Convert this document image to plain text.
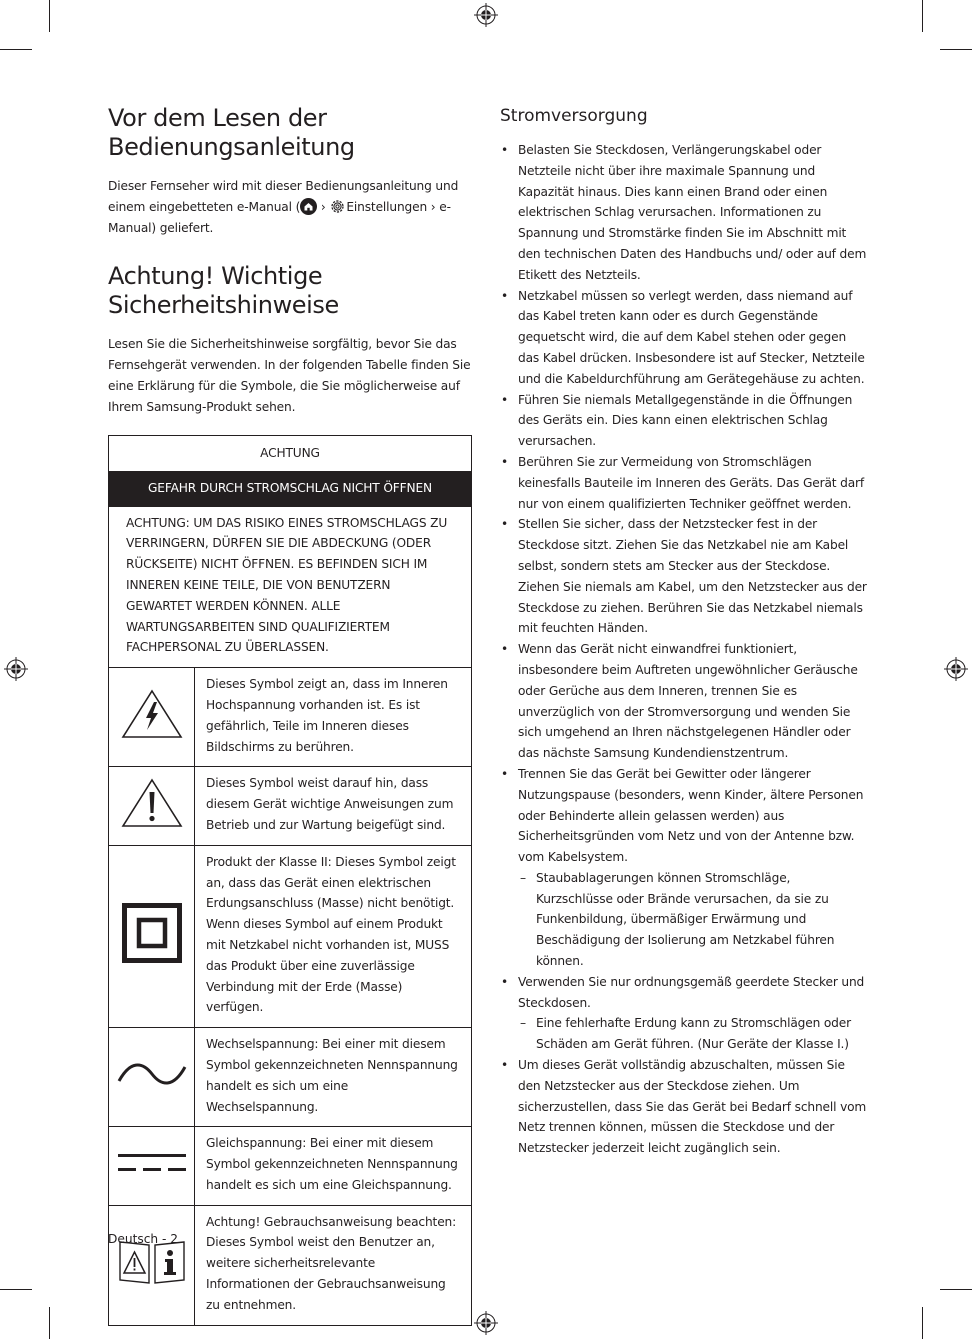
Vor dem Lesen der
Bedienungsanleitung

Dieser Fernseher wird mit dieser Bedienungsanleitung und einem eingebetteten e-Manual ( › Einstellungen › e-Manual) geliefert.

Achtung! Wichtige
Sicherheitshinweise

Lesen Sie die Sicherheitshinweise sorgfältig, bevor Sie das Fernsehgerät verwenden. In der folgenden Tabelle finden Sie eine Erklärung für die Symbole, die Sie möglicherweise auf Ihrem Samsung-Produkt sehen.

ACHTUNG	
GEFAHR DURCH STROMSCHLAG NICHT ÖFFNEN	
ACHTUNG: UM DAS RISIKO EINES STROMSCHLAGS ZU VERRINGERN, DÜRFEN SIE DIE ABDECKUNG (ODER RÜCKSEITE) NICHT ÖFFNEN. ES BEFINDEN SICH IM INNEREN KEINE TEILE, DIE VON BENUTZERN GEWARTET WERDEN KÖNNEN. ALLE WARTUNGSARBEITEN SIND QUALIFIZIERTEM FACHPERSONAL ZU ÜBERLASSEN.	
	Dieses Symbol zeigt an, dass im Inneren Hochspannung vorhanden ist. Es ist gefährlich, Teile im Inneren dieses Bildschirms zu berühren.
	Dieses Symbol weist darauf hin, dass diesem Gerät wichtige Anweisungen zum Betrieb und zur Wartung beigefügt sind.
	Produkt der Klasse II: Dieses Symbol zeigt an, dass das Gerät einen elektrischen Erdungsanschluss (Masse) nicht benötigt. Wenn dieses Symbol auf einem Produkt mit Netzkabel nicht vorhanden ist, MUSS das Produkt über eine zuverlässige Verbindung mit der Erde (Masse) verfügen.
	Wechselspannung: Bei einer mit diesem Symbol gekennzeichneten Nennspannung handelt es sich um eine Wechselspannung.
	Gleichspannung: Bei einer mit diesem Symbol gekennzeichneten Nennspannung handelt es sich um eine Gleichspannung.
	Achtung! Gebrauchsanweisung beachten: Dieses Symbol weist den Benutzer an, weitere sicherheitsrelevante Informationen der Gebrauchsanweisung zu entnehmen.
Stromversorgung
• Belasten Sie Steckdosen, Verlängerungskabel oder Netzteile nicht über ihre maximale Spannung und Kapazität hinaus. Dies kann einen Brand oder einen elektrischen Schlag verursachen. Informationen zu Spannung und Stromstärke finden Sie im Abschnitt mit den technischen Daten des Handbuchs und/ oder auf dem Etikett des Netzteils.
• Netzkabel müssen so verlegt werden, dass niemand auf das Kabel treten kann oder es durch Gegenstände gequetscht wird, die auf dem Kabel stehen oder gegen das Kabel drücken. Insbesondere ist auf Stecker, Netzteile und die Kabeldurchführung am Gerätegehäuse zu achten.
• Führen Sie niemals Metallgegenstände in die Öffnungen des Geräts ein. Dies kann einen elektrischen Schlag verursachen.
• Berühren Sie zur Vermeidung von Stromschlägen keinesfalls Bauteile im Inneren des Geräts. Das Gerät darf nur von einem qualifizierten Techniker geöffnet werden.
• Stellen Sie sicher, dass der Netzstecker fest in der Steckdose sitzt. Ziehen Sie das Netzkabel nie am Kabel selbst, sondern stets am Stecker aus der Steckdose. Ziehen Sie niemals am Kabel, um den Netzstecker aus der Steckdose zu ziehen. Berühren Sie das Netzkabel niemals mit feuchten Händen.
• Wenn das Gerät nicht einwandfrei funktioniert, insbesondere beim Auftreten ungewöhnlicher Geräusche oder Gerüche aus dem Inneren, trennen Sie es unverzüglich von der Stromversorgung und wenden Sie sich umgehend an Ihren nächstgelegenen Händler oder das nächste Samsung Kundendienstzentrum.
• Trennen Sie das Gerät bei Gewitter oder längerer Nutzungspause (besonders, wenn Kinder, ältere Personen oder Behinderte allein gelassen werden) aus Sicherheitsgründen vom Netz und von der Antenne bzw. vom Kabelsystem.
– Staubablagerungen können Stromschläge, Kurzschlüsse oder Brände verursachen, da sie zu Funkenbildung, übermäßiger Erwärmung und Beschädigung der Isolierung am Netzkabel führen können.
• Verwenden Sie nur ordnungsgemäß geerdete Stecker und Steckdosen.
– Eine fehlerhafte Erdung kann zu Stromschlägen oder Schäden am Gerät führen. (Nur Geräte der Klasse I.)
• Um dieses Gerät vollständig abzuschalten, müssen Sie den Netzstecker aus der Steckdose ziehen. Um sicherzustellen, dass Sie das Gerät bei Bedarf schnell vom Netz trennen können, müssen die Steckdose und der Netzstecker jederzeit leicht zugänglich sein.
Deutsch - 2
